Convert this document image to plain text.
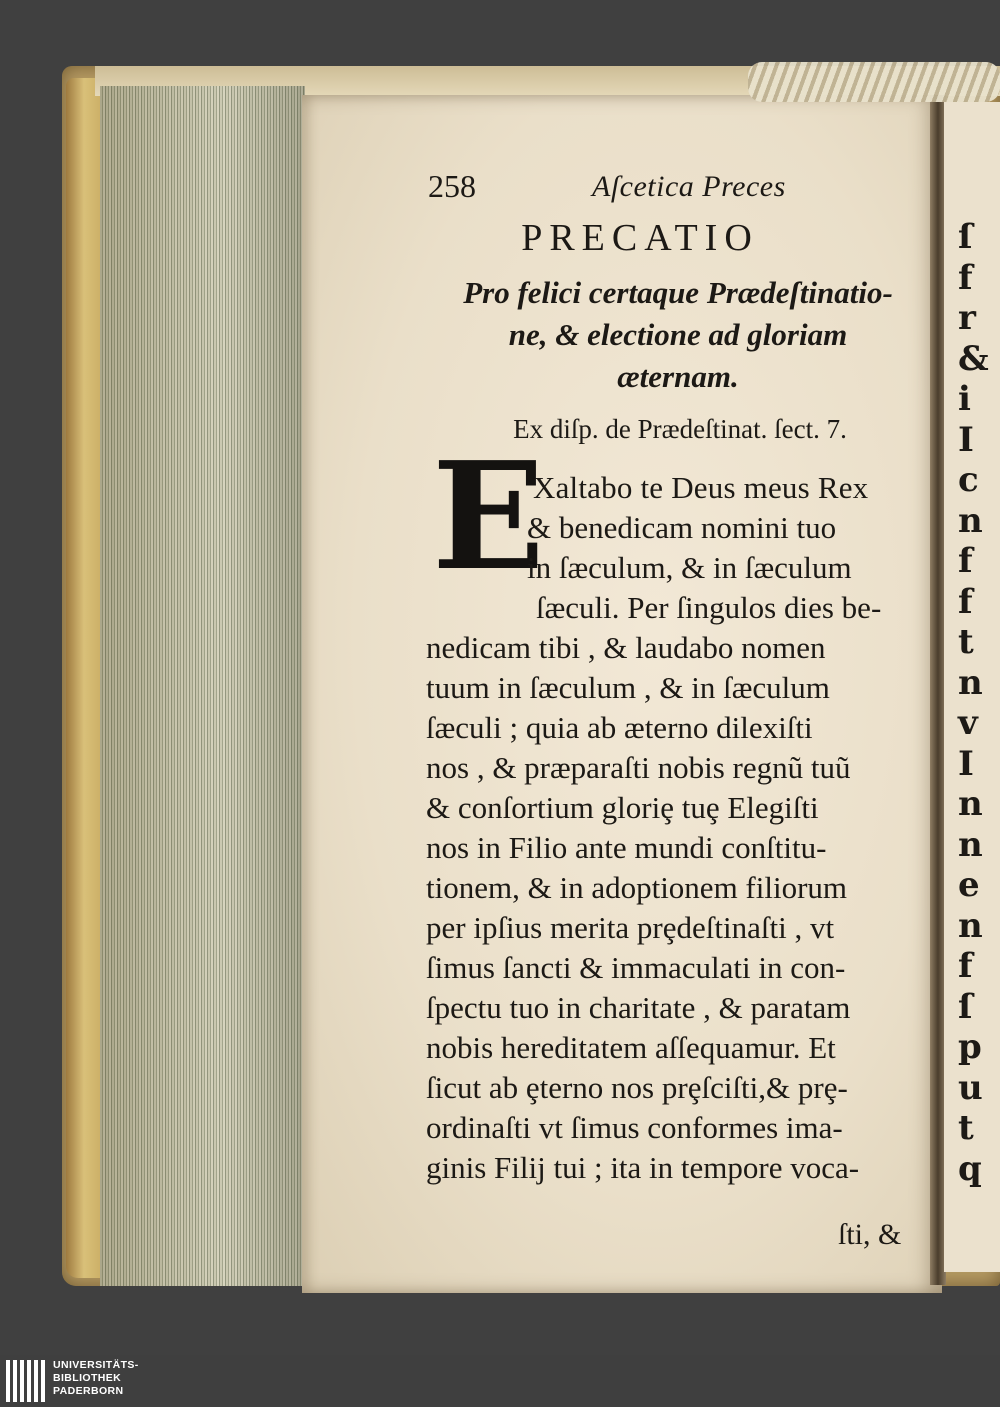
ſ
f
r
&
i
I
c
n
f
f
t
n
v
I
n
n
e
n
f
ſ
p
u
t
q
258	Aſcetica Preces
PRECATIO
Pro felici certaque Prædeſtinatio-
ne, & electione ad gloriam
æternam.
Ex diſp. de Prædeſtinat. ſect. 7.
E
Xaltabo te Deus meus Rex
& benedicam nomini tuo
in ſæculum, & in ſæculum
ſæculi. Per ſingulos dies be-
nedicam tibi , & laudabo nomen
tuum in ſæculum , & in ſæculum
ſæculi ; quia ab æterno dilexiſti
nos , & præparaſti nobis regnũ tuũ
& conſortium gloriȩ tuȩ Elegiſti
nos in Filio ante mundi conſtitu-
tionem, & in adoptionem filiorum
per ipſius merita prȩdeſtinaſti , vt
ſimus ſancti & immaculati in con-
ſpectu tuo in charitate , & paratam
nobis hereditatem aſſequamur. Et
ſicut ab ȩterno nos prȩſciſti,& prȩ-
ordinaſti vt ſimus conformes ima-
ginis Filij tui ; ita in tempore voca-
ſti, &
UNIVERSITÄTS-
BIBLIOTHEK
PADERBORN
